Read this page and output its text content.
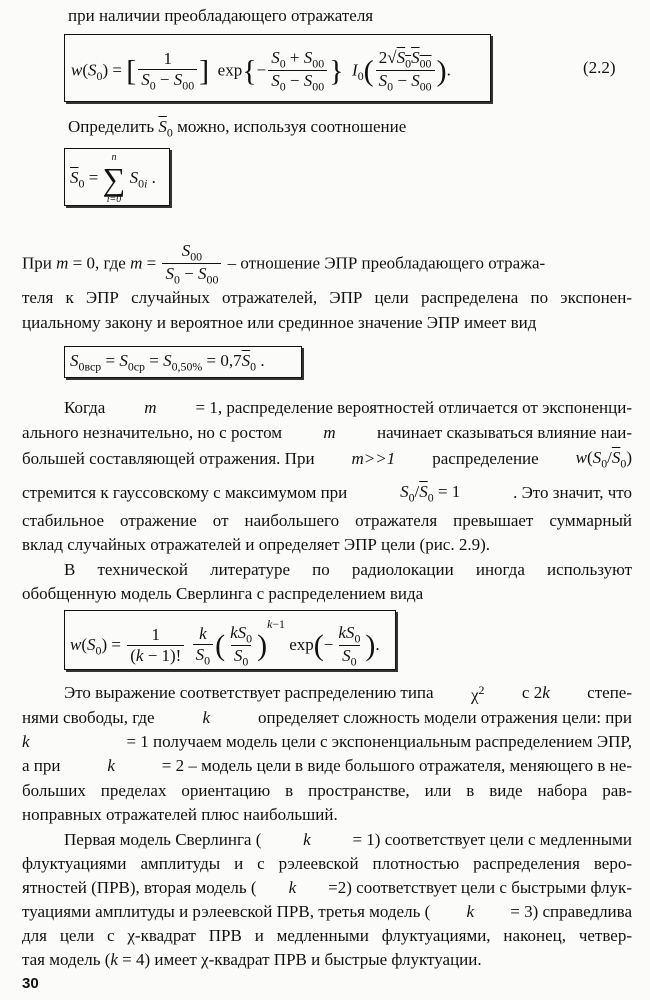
при наличии преобладающего отражателя
$w(S_0)$ = [ $\frac{1}{\overline{S}_0 - S_{00}}$ ]  $\exp\{- \frac{S_0 + S_{00}}{\overline{S}_0 - S_{00}}$ } $I_0( \frac{2√S_0S_{00}}{\overline{S}_0 - S_{00}}$ ).	(2.2)
Определить $\overline{S}_0$ можно, используя соотношение
$\overline{S}_0$ =
n
∑
i=0
$S_{0i}$ .
При m = 0, где $m = \frac{S_{00}}{\overline{S}_0 - S_{00}}$ – отношение ЭПР преобладающего отража-
теля к ЭПР случайных отражателей, ЭПР цели распределена по экспонен-
циальному закону и вероятное или срединное значение ЭПР имеет вид
$S_{0всp} = S_{0ср} = S_{0,50\%} = 0,7\overline{S}_0$ .
Когда m = 1, распределение вероятностей отличается от экспоненци-
ального незначительно, но с ростом m начинает сказываться влияние наи-
большей составляющей отражения. При m>>1 распределение $w(S_0/\overline{S}_0)$
стремится к гауссовскому с максимумом при	$S_0/\overline{S}_0 = 1$	. Это значит, что
стабильное отражение от наибольшего отражателя превышает суммарный
вклад случайных отражателей и определяет ЭПР цели (рис. 2.9).
В технической литературе по радиолокации иногда используют
обобщенную модель Сверлинга с распределением вида
$w(S_0) = \frac{1}{(k - 1)!}$
$\frac{k}{\overline{S}_0}$ ( $\frac{kS_0}{\overline{S}_0} )^{k-1}$ $\exp(- \frac{kS_0}{\overline{S}_0}$ ).
Это выражение соответствует распределению типа $\chi^2$ с 2k степе-
нями свободы, где	k	определяет сложность модели отражения цели: при
k	= 1 получаем модель цели с экспоненциальным распределением ЭПР,
а при	k	= 2 – модель цели в виде большого отражателя, меняющего в не-
больших пределах ориентацию в пространстве, или в виде набора рав-
ноправных отражателей плюс наибольший.
Первая модель Сверлинга ( k = 1) соответствует цели с медленными
флуктуациями амплитуды и с рэлеевской плотностью распределения веро-
ятностей (ПРВ), вторая модель ( k =2) соответствует цели с быстрыми флук-
туациями амплитуды и рэлеевской ПРВ, третья модель ( k = 3) справедлива
для цели с χ-квадрат ПРВ и медленными флуктуациями, наконец, четвер-
тая модель (k = 4) имеет χ-квадрат ПРВ и быстрые флуктуации.
30
